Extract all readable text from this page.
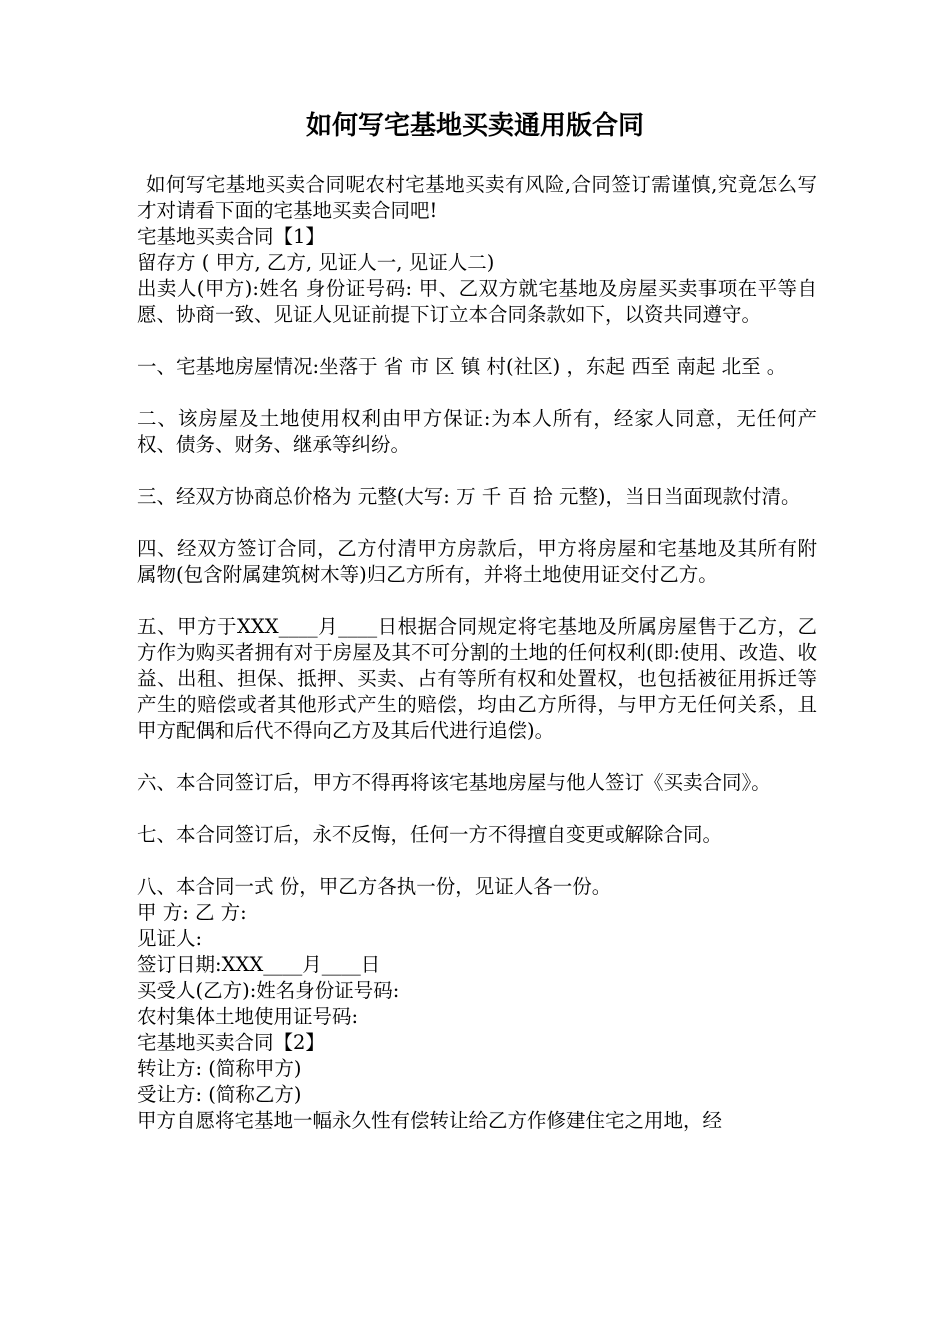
如何写宅基地买卖通用版合同

如何写宅基地买卖合同呢农村宅基地买卖有风险,合同签订需谨慎,究竟怎么写才对请看下面的宅基地买卖合同吧!

宅基地买卖合同【1】

留存方 ( 甲方, 乙方, 见证人一, 见证人二)

出卖人(甲方):姓名 身份证号码: 甲、乙双方就宅基地及房屋买卖事项在平等自愿、协商一致、见证人见证前提下订立本合同条款如下，以资共同遵守。

一、宅基地房屋情况:坐落于 省 市 区 镇 村(社区) ，东起 西至 南起 北至 。

二、该房屋及土地使用权利由甲方保证:为本人所有，经家人同意，无任何产权、债务、财务、继承等纠纷。

三、经双方协商总价格为 元整(大写: 万 千 百 拾 元整)，当日当面现款付清。

四、经双方签订合同，乙方付清甲方房款后，甲方将房屋和宅基地及其所有附属物(包含附属建筑树木等)归乙方所有，并将土地使用证交付乙方。

五、甲方于XXX____月____日根据合同规定将宅基地及所属房屋售于乙方，乙方作为购买者拥有对于房屋及其不可分割的土地的任何权利(即:使用、改造、收益、出租、担保、抵押、买卖、占有等所有权和处置权，也包括被征用拆迁等产生的赔偿或者其他形式产生的赔偿，均由乙方所得，与甲方无任何关系，且甲方配偶和后代不得向乙方及其后代进行追偿)。

六、本合同签订后，甲方不得再将该宅基地房屋与他人签订《买卖合同》。

七、本合同签订后，永不反悔，任何一方不得擅自变更或解除合同。

八、本合同一式 份，甲乙方各执一份，见证人各一份。

甲 方: 乙 方:

见证人:

签订日期:XXX____月____日

买受人(乙方):姓名身份证号码:

农村集体土地使用证号码:

宅基地买卖合同【2】

转让方: (简称甲方)

受让方: (简称乙方)

甲方自愿将宅基地一幅永久性有偿转让给乙方作修建住宅之用地，经
